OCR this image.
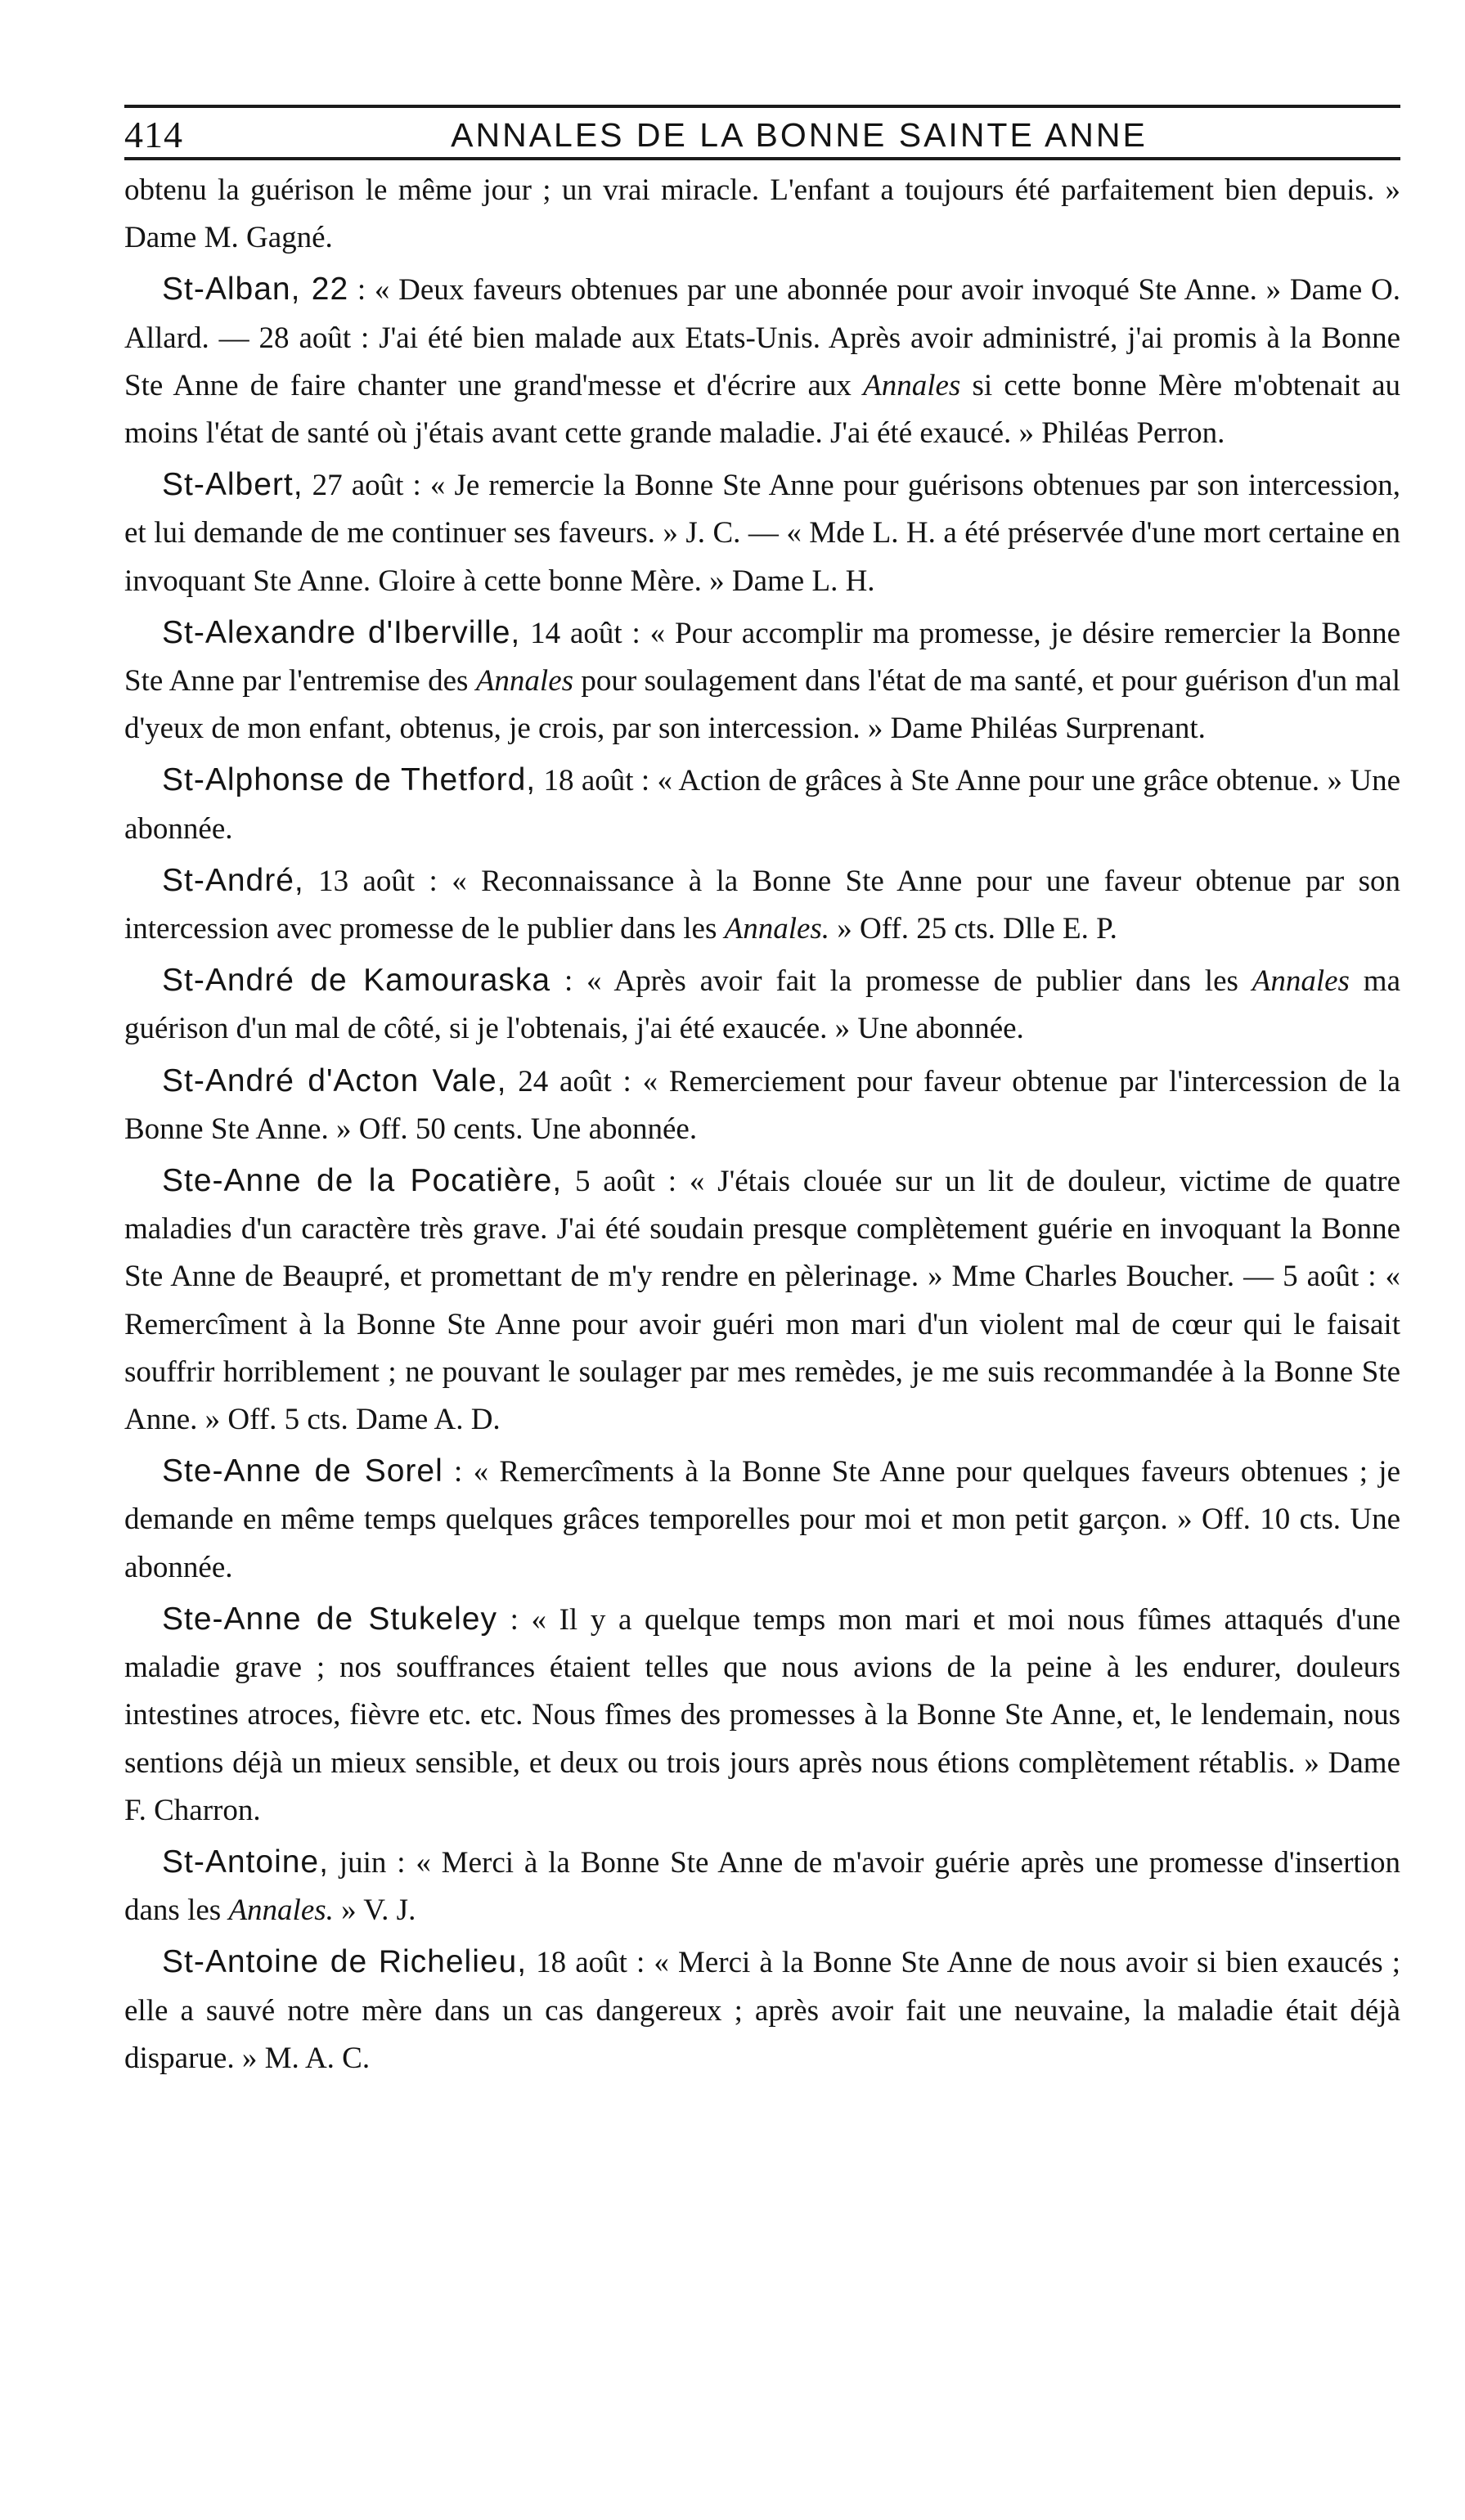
414	ANNALES DE LA BONNE SAINTE ANNE

obtenu la guérison le même jour ; un vrai miracle. L'enfant a toujours été parfaitement bien depuis. » Dame M. Gagné.

St-Alban, 22 : « Deux faveurs obtenues par une abonnée pour avoir invoqué Ste Anne. » Dame O. Allard. — 28 août : J'ai été bien malade aux Etats-Unis. Après avoir administré, j'ai promis à la Bonne Ste Anne de faire chanter une grand'messe et d'écrire aux Annales si cette bonne Mère m'obtenait au moins l'état de santé où j'étais avant cette grande maladie. J'ai été exaucé. » Philéas Perron.

St-Albert, 27 août : « Je remercie la Bonne Ste Anne pour guérisons obtenues par son intercession, et lui demande de me continuer ses faveurs. » J. C. — « Mde L. H. a été préservée d'une mort certaine en invoquant Ste Anne. Gloire à cette bonne Mère. » Dame L. H.

St-Alexandre d'Iberville, 14 août : « Pour accomplir ma promesse, je désire remercier la Bonne Ste Anne par l'entremise des Annales pour soulagement dans l'état de ma santé, et pour guérison d'un mal d'yeux de mon enfant, obtenus, je crois, par son intercession. » Dame Philéas Surprenant.

St-Alphonse de Thetford, 18 août : « Action de grâces à Ste Anne pour une grâce obtenue. » Une abonnée.

St-André, 13 août : « Reconnaissance à la Bonne Ste Anne pour une faveur obtenue par son intercession avec promesse de le publier dans les Annales. » Off. 25 cts. Dlle E. P.

St-André de Kamouraska : « Après avoir fait la promesse de publier dans les Annales ma guérison d'un mal de côté, si je l'obtenais, j'ai été exaucée. » Une abonnée.

St-André d'Acton Vale, 24 août : « Remerciement pour faveur obtenue par l'intercession de la Bonne Ste Anne. » Off. 50 cents. Une abonnée.

Ste-Anne de la Pocatière, 5 août : « J'étais clouée sur un lit de douleur, victime de quatre maladies d'un caractère très grave. J'ai été soudain presque complètement guérie en invoquant la Bonne Ste Anne de Beaupré, et promettant de m'y rendre en pèlerinage. » Mme Charles Boucher. — 5 août : « Remercîment à la Bonne Ste Anne pour avoir guéri mon mari d'un violent mal de cœur qui le faisait souffrir horriblement ; ne pouvant le soulager par mes remèdes, je me suis recommandée à la Bonne Ste Anne. » Off. 5 cts. Dame A. D.

Ste-Anne de Sorel : « Remercîments à la Bonne Ste Anne pour quelques faveurs obtenues ; je demande en même temps quelques grâces temporelles pour moi et mon petit garçon. » Off. 10 cts. Une abonnée.

Ste-Anne de Stukeley : « Il y a quelque temps mon mari et moi nous fûmes attaqués d'une maladie grave ; nos souffrances étaient telles que nous avions de la peine à les endurer, douleurs intestines atroces, fièvre etc. etc. Nous fîmes des promesses à la Bonne Ste Anne, et, le lendemain, nous sentions déjà un mieux sensible, et deux ou trois jours après nous étions complètement rétablis. » Dame F. Charron.

St-Antoine, juin : « Merci à la Bonne Ste Anne de m'avoir guérie après une promesse d'insertion dans les Annales. » V. J.

St-Antoine de Richelieu, 18 août : « Merci à la Bonne Ste Anne de nous avoir si bien exaucés ; elle a sauvé notre mère dans un cas dangereux ; après avoir fait une neuvaine, la maladie était déjà disparue. » M. A. C.
